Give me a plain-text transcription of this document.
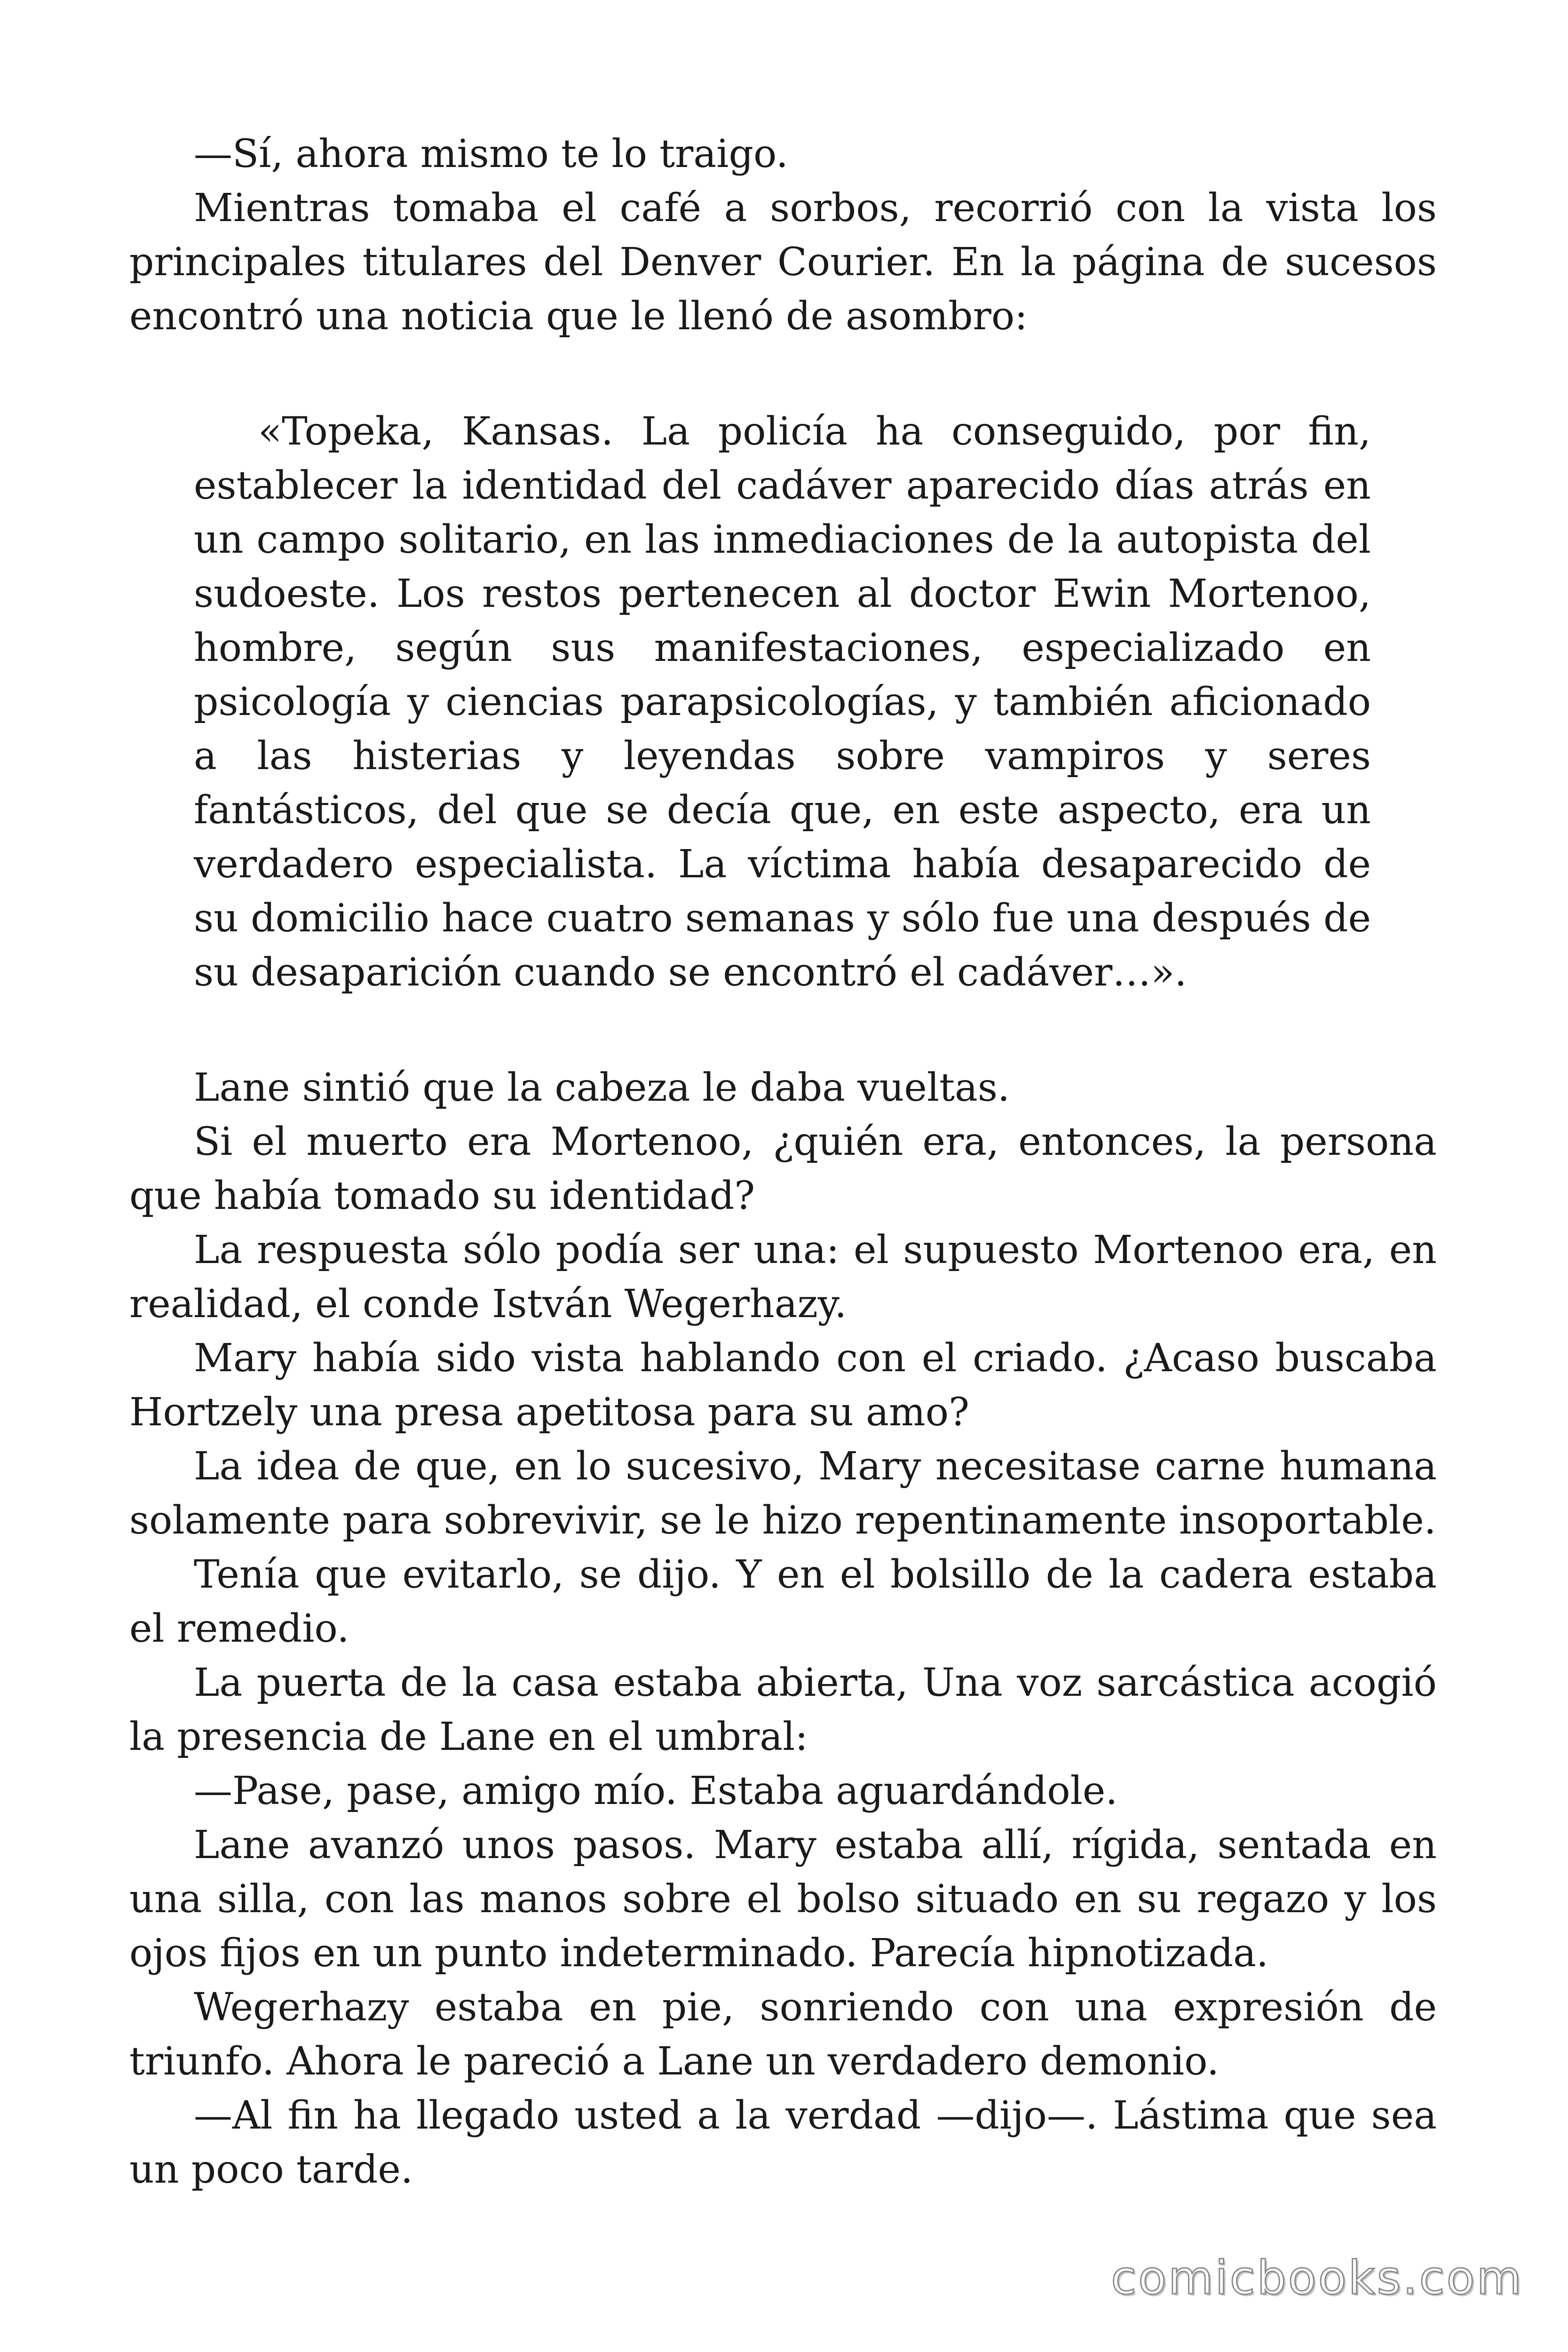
—Sí, ahora mismo te lo traigo.

Mientras tomaba el café a sorbos, recorrió con la vista los principales titulares del Denver Courier. En la página de sucesos encontró una noticia que le llenó de asombro:

«Topeka, Kansas. La policía ha conseguido, por fin, establecer la identidad del cadáver aparecido días atrás en un campo solitario, en las inmediaciones de la autopista del sudoeste. Los restos pertenecen al doctor Ewin Mortenoo, hombre, según sus manifestaciones, especializado en psicología y ciencias parapsicologías, y también aficionado a las histerias y leyendas sobre vampiros y seres fantásticos, del que se decía que, en este aspecto, era un verdadero especialista. La víctima había desaparecido de su domicilio hace cuatro semanas y sólo fue una después de su desaparición cuando se encontró el cadáver…».

Lane sintió que la cabeza le daba vueltas.

Si el muerto era Mortenoo, ¿quién era, entonces, la persona que había tomado su identidad?

La respuesta sólo podía ser una: el supuesto Mortenoo era, en realidad, el conde István Wegerhazy.

Mary había sido vista hablando con el criado. ¿Acaso buscaba Hortzely una presa apetitosa para su amo?

La idea de que, en lo sucesivo, Mary necesitase carne humana solamente para sobrevivir, se le hizo repentinamente insoportable.

Tenía que evitarlo, se dijo. Y en el bolsillo de la cadera estaba el remedio.

La puerta de la casa estaba abierta, Una voz sarcástica acogió la presencia de Lane en el umbral:

—Pase, pase, amigo mío. Estaba aguardándole.

Lane avanzó unos pasos. Mary estaba allí, rígida, sentada en una silla, con las manos sobre el bolso situado en su regazo y los ojos fijos en un punto indeterminado. Parecía hipnotizada.

Wegerhazy estaba en pie, sonriendo con una expresión de triunfo. Ahora le pareció a Lane un verdadero demonio.

—Al fin ha llegado usted a la verdad —dijo—. Lástima que sea un poco tarde.

comicbooks.com
